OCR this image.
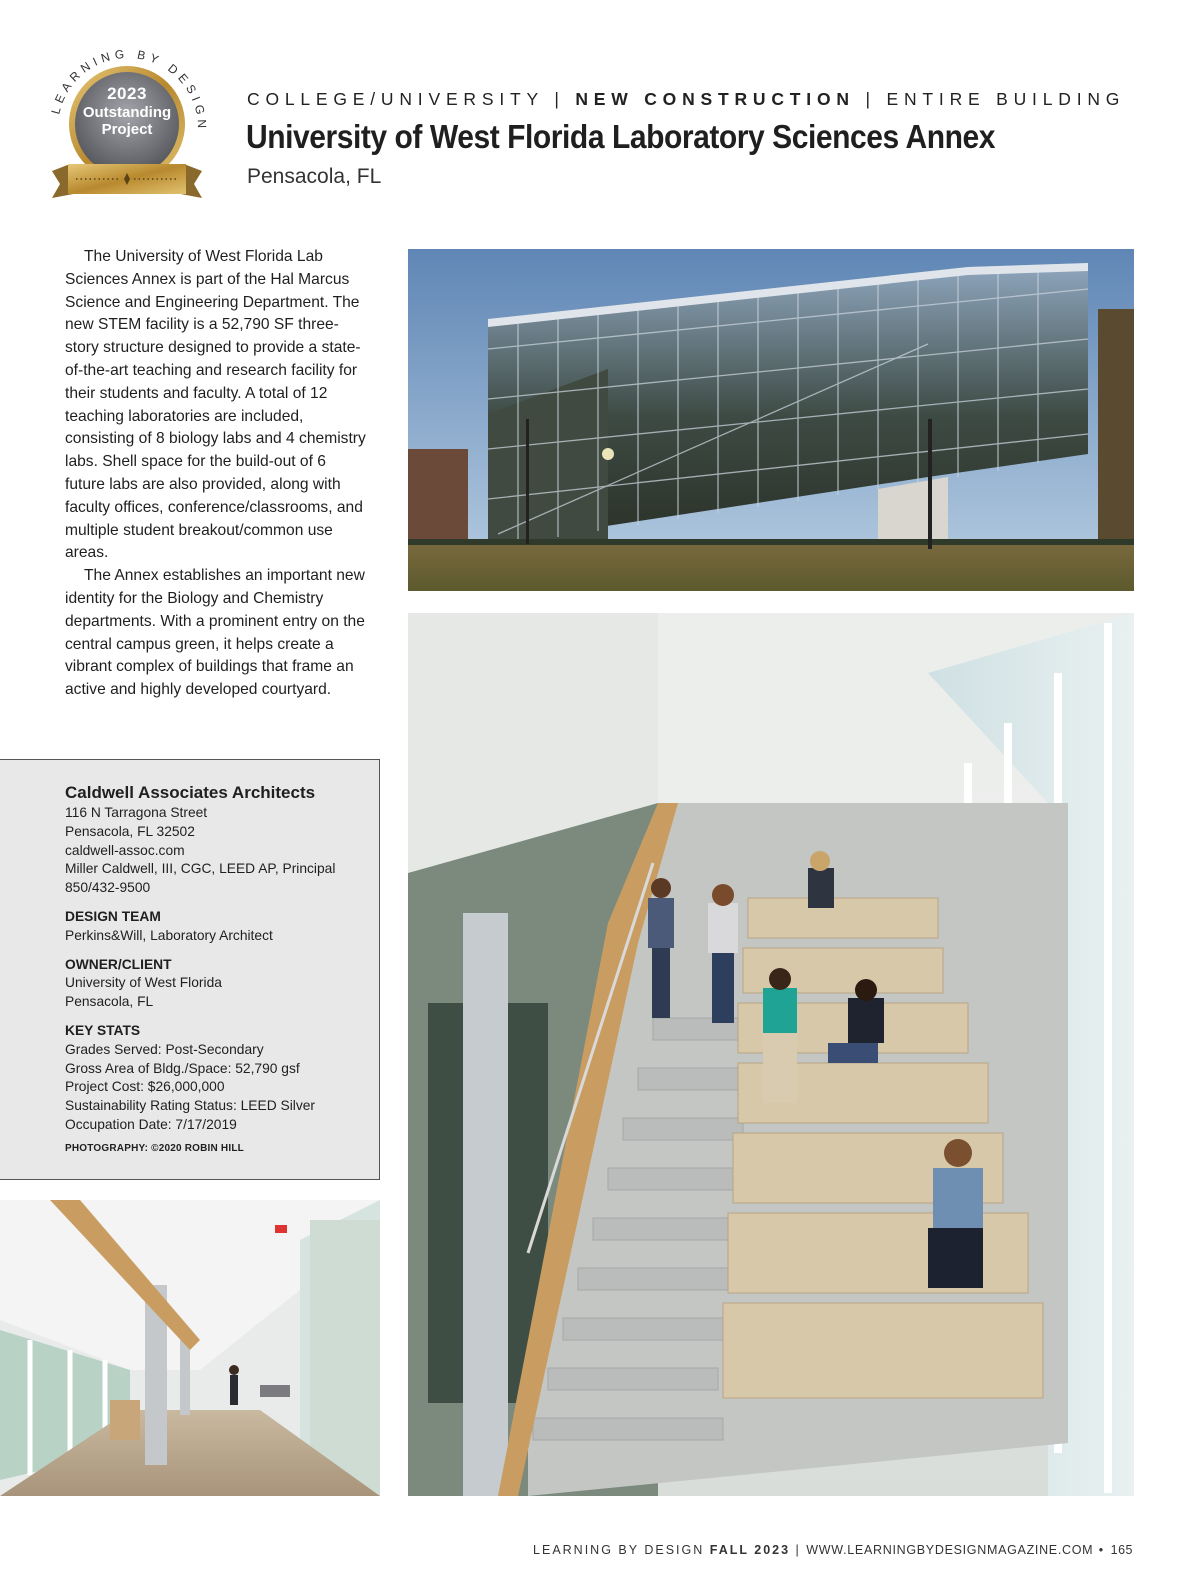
LEARNING BY DESIGN
2023
Outstanding
Project
COLLEGE/UNIVERSITY | NEW CONSTRUCTION | ENTIRE BUILDING
University of West Florida Laboratory Sciences Annex
Pensacola, FL

The University of West Florida Lab Sciences Annex is part of the Hal Marcus Science and Engineering Department. The new STEM facility is a 52,790 SF three-story structure designed to provide a state-of-the-art teaching and research facility for their students and faculty. A total of 12 teaching laboratories are included, consisting of 8 biology labs and 4 chemistry labs. Shell space for the build-out of 6 future labs are also provided, along with faculty offices, conference/classrooms, and multiple student breakout/common use areas.

The Annex establishes an important new identity for the Biology and Chemistry departments. With a prominent entry on the central campus green, it helps create a vibrant complex of buildings that frame an active and highly developed courtyard.

Caldwell Associates Architects
116 N Tarragona Street
Pensacola, FL 32502
caldwell-assoc.com
Miller Caldwell, III, CGC, LEED AP, Principal
850/432-9500
DESIGN TEAM
Perkins&Will, Laboratory Architect
OWNER/CLIENT
University of West Florida
Pensacola, FL
KEY STATS
Grades Served: Post-Secondary
Gross Area of Bldg./Space: 52,790 gsf
Project Cost: $26,000,000
Sustainability Rating Status: LEED Silver
Occupation Date: 7/17/2019
PHOTOGRAPHY: ©2020 ROBIN HILL
LEARNING BY DESIGN FALL 2023 | WWW.LEARNINGBYDESIGNMAGAZINE.COM • 165
